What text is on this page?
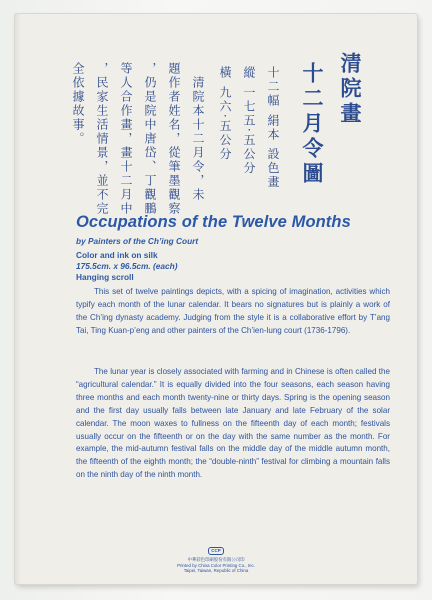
清院畫
十二月令圖
十二幅 絹本 設色畫
縱 一七五·五公分
橫 九六·五公分
清院本十二月令，未
題作者姓名，從筆墨觀察
，仍是院中唐岱、丁觀鵬
等人合作畫，畫十二月中
，民家生活情景，並不完
全依據故事。
Occupations of the Twelve Months
by Painters of the Ch’ing Court
Color and ink on silk
175.5cm. x 96.5cm. (each)
Hanging scroll
This set of twelve paintings depicts, with a spicing of imagination, activities which typify each month of the lunar calendar. It bears no signatures but is plainly a work of the Ch’ing dynasty academy. Judging from the style it is a collaborative effort by T’ang Tai, Ting Kuan-p’eng and other painters of the Ch’ien-lung court (1736-1796).
The lunar year is closely associated with farming and in Chinese is often called the “agricultural calendar.” It is equally divided into the four seasons, each season having three months and each month twenty-nine or thirty days. Spring is the opening season and the first day usually falls between late January and late February of the solar calendar. The moon waxes to fullness on the fifteenth day of each month; festivals usually occur on the fifteenth or on the day with the same number as the month. For example, the mid-autumn festival falls on the middle day of the middle autumn month, the fifteenth of the eighth month; the “double-ninth” festival for climbing a mountain falls on the ninth day of the ninth month.
CCP
中華彩色印刷股份有限公司印
Printed by China Color Printing Co., Inc.
Taipei, Taiwan, Republic of China
